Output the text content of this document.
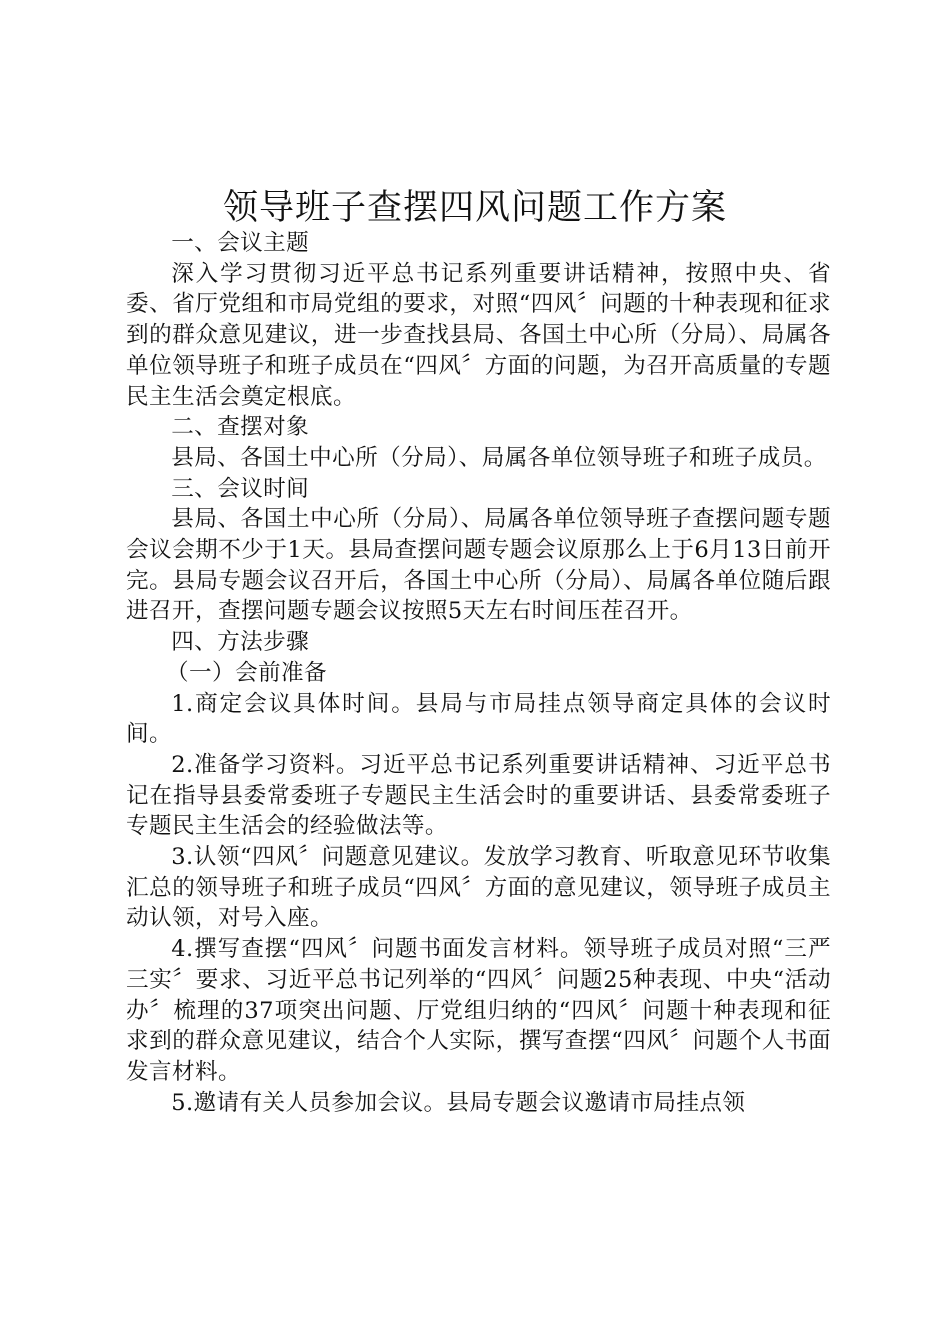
领导班子查摆四风问题工作方案

一、会议主题

深入学习贯彻习近平总书记系列重要讲话精神，按照中央、省委、省厅党组和市局党组的要求，对照“四风〞问题的十种表现和征求到的群众意见建议，进一步查找县局、各国土中心所（分局）、局属各单位领导班子和班子成员在“四风〞方面的问题，为召开高质量的专题民主生活会奠定根底。

二、查摆对象

县局、各国土中心所（分局）、局属各单位领导班子和班子成员。

三、会议时间

县局、各国土中心所（分局）、局属各单位领导班子查摆问题专题会议会期不少于1天。县局查摆问题专题会议原那么上于6月13日前开完。县局专题会议召开后，各国土中心所（分局）、局属各单位随后跟进召开，查摆问题专题会议按照5天左右时间压茬召开。

四、方法步骤

（一）会前准备

1.商定会议具体时间。县局与市局挂点领导商定具体的会议时间。

2.准备学习资料。习近平总书记系列重要讲话精神、习近平总书记在指导县委常委班子专题民主生活会时的重要讲话、县委常委班子专题民主生活会的经验做法等。

3.认领“四风〞问题意见建议。发放学习教育、听取意见环节收集汇总的领导班子和班子成员“四风〞方面的意见建议，领导班子成员主动认领，对号入座。

4.撰写查摆“四风〞问题书面发言材料。领导班子成员对照“三严三实〞要求、习近平总书记列举的“四风〞问题25种表现、中央“活动办〞梳理的37项突出问题、厅党组归纳的“四风〞问题十种表现和征求到的群众意见建议，结合个人实际，撰写查摆“四风〞问题个人书面发言材料。

5.邀请有关人员参加会议。县局专题会议邀请市局挂点领
